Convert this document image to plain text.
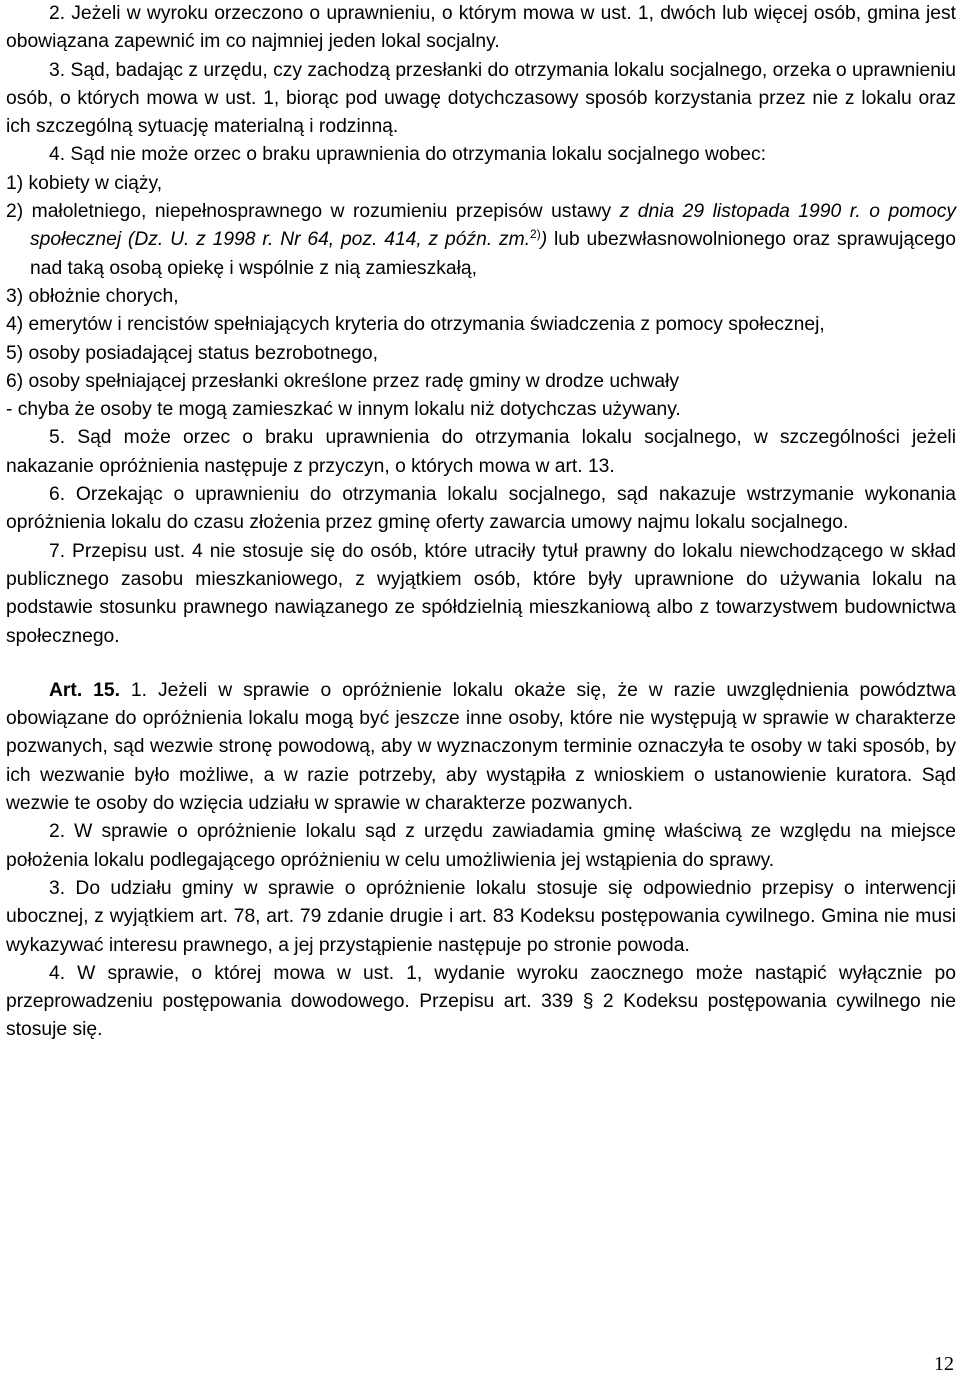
2. Jeżeli w wyroku orzeczono o uprawnieniu, o którym mowa w ust. 1, dwóch lub więcej osób, gmina jest obowiązana zapewnić im co najmniej jeden lokal socjalny.

3. Sąd, badając z urzędu, czy zachodzą przesłanki do otrzymania lokalu socjalnego, orzeka o uprawnieniu osób, o których mowa w ust. 1, biorąc pod uwagę dotychczasowy sposób korzystania przez nie z lokalu oraz ich szczególną sytuację materialną i rodzinną.

4. Sąd nie może orzec o braku uprawnienia do otrzymania lokalu socjalnego wobec:

1) kobiety w ciąży,

2) małoletniego, niepełnosprawnego w rozumieniu przepisów ustawy z dnia 29 listopada 1990 r. o pomocy społecznej (Dz. U. z 1998 r. Nr 64, poz. 414, z późn. zm.$^{2)}$) lub ubezwłasnowolnionego oraz sprawującego nad taką osobą opiekę i wspólnie z nią zamieszkałą,

3) obłożnie chorych,

4) emerytów i rencistów spełniających kryteria do otrzymania świadczenia z pomocy społecznej,

5) osoby posiadającej status bezrobotnego,

6) osoby spełniającej przesłanki określone przez radę gminy w drodze uchwały

- chyba że osoby te mogą zamieszkać w innym lokalu niż dotychczas używany.

5. Sąd może orzec o braku uprawnienia do otrzymania lokalu socjalnego, w szczególności jeżeli nakazanie opróżnienia następuje z przyczyn, o których mowa w art. 13.

6. Orzekając o uprawnieniu do otrzymania lokalu socjalnego, sąd nakazuje wstrzymanie wykonania opróżnienia lokalu do czasu złożenia przez gminę oferty zawarcia umowy najmu lokalu socjalnego.

7. Przepisu ust. 4 nie stosuje się do osób, które utraciły tytuł prawny do lokalu niewchodzącego w skład publicznego zasobu mieszkaniowego, z wyjątkiem osób, które były uprawnione do używania lokalu na podstawie stosunku prawnego nawiązanego ze spółdzielnią mieszkaniową albo z towarzystwem budownictwa społecznego.

Art. 15. 1. Jeżeli w sprawie o opróżnienie lokalu okaże się, że w razie uwzględnienia powództwa obowiązane do opróżnienia lokalu mogą być jeszcze inne osoby, które nie występują w sprawie w charakterze pozwanych, sąd wezwie stronę powodową, aby w wyznaczonym terminie oznaczyła te osoby w taki sposób, by ich wezwanie było możliwe, a w razie potrzeby, aby wystąpiła z wnioskiem o ustanowienie kuratora. Sąd wezwie te osoby do wzięcia udziału w sprawie w charakterze pozwanych.

2. W sprawie o opróżnienie lokalu sąd z urzędu zawiadamia gminę właściwą ze względu na miejsce położenia lokalu podlegającego opróżnieniu w celu umożliwienia jej wstąpienia do sprawy.

3. Do udziału gminy w sprawie o opróżnienie lokalu stosuje się odpowiednio przepisy o interwencji ubocznej, z wyjątkiem art. 78, art. 79 zdanie drugie i art. 83 Kodeksu postępowania cywilnego. Gmina nie musi wykazywać interesu prawnego, a jej przystąpienie następuje po stronie powoda.

4. W sprawie, o której mowa w ust. 1, wydanie wyroku zaocznego może nastąpić wyłącznie po przeprowadzeniu postępowania dowodowego. Przepisu art. 339 § 2 Kodeksu postępowania cywilnego nie stosuje się.

12
